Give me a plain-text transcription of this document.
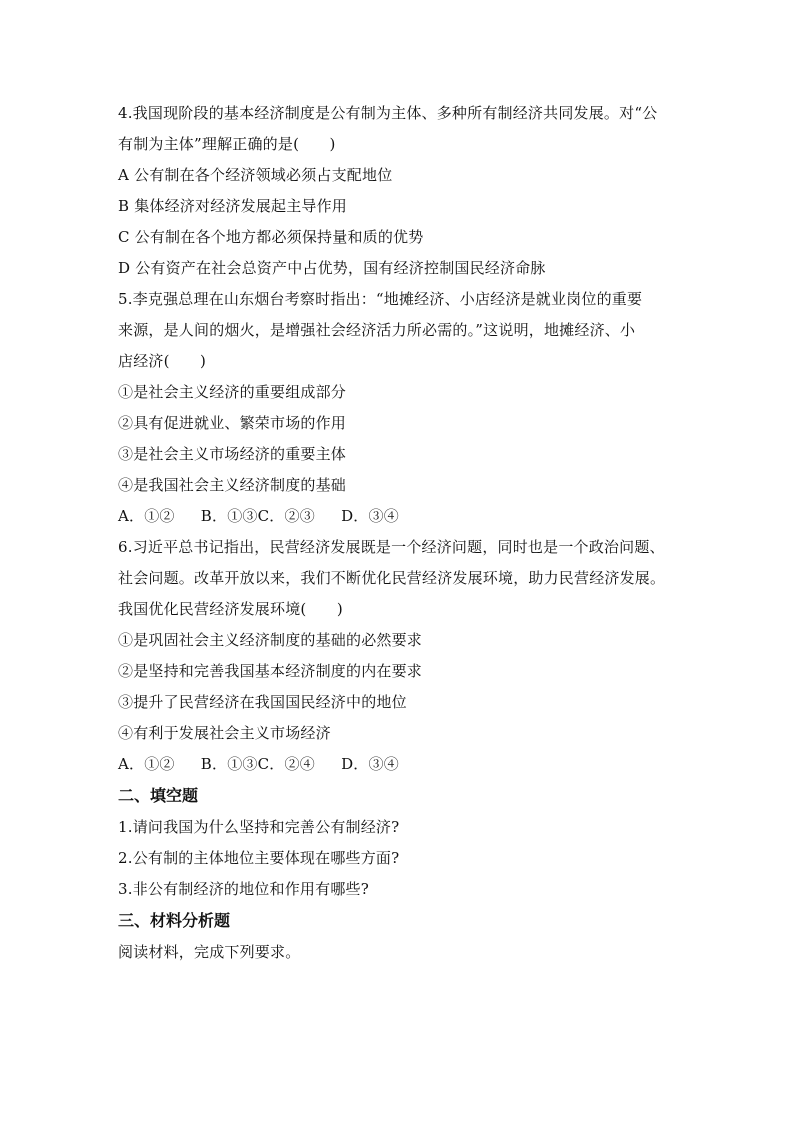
4.我国现阶段的基本经济制度是公有制为主体、多种所有制经济共同发展。对“公
有制为主体”理解正确的是(　　)
A 公有制在各个经济领域必须占支配地位
B 集体经济对经济发展起主导作用
C 公有制在各个地方都必须保持量和质的优势
D 公有资产在社会总资产中占优势，国有经济控制国民经济命脉
5.李克强总理在山东烟台考察时指出：“地摊经济、小店经济是就业岗位的重要
来源，是人间的烟火，是增强社会经济活力所必需的。”这说明，地摊经济、小
店经济(　　)
①是社会主义经济的重要组成部分
②具有促进就业、繁荣市场的作用
③是社会主义市场经济的重要主体
④是我国社会主义经济制度的基础
A．①②　 B．①③C．②③　 D．③④
6.习近平总书记指出，民营经济发展既是一个经济问题，同时也是一个政治问题、
社会问题。改革开放以来，我们不断优化民营经济发展环境，助力民营经济发展。
我国优化民营经济发展环境(　　)
①是巩固社会主义经济制度的基础的必然要求
②是坚持和完善我国基本经济制度的内在要求
③提升了民营经济在我国国民经济中的地位
④有利于发展社会主义市场经济
A．①②　 B．①③C．②④　 D．③④
二、填空题
1.请问我国为什么坚持和完善公有制经济?
2.公有制的主体地位主要体现在哪些方面?
3.非公有制经济的地位和作用有哪些?
三、材料分析题
阅读材料，完成下列要求。
